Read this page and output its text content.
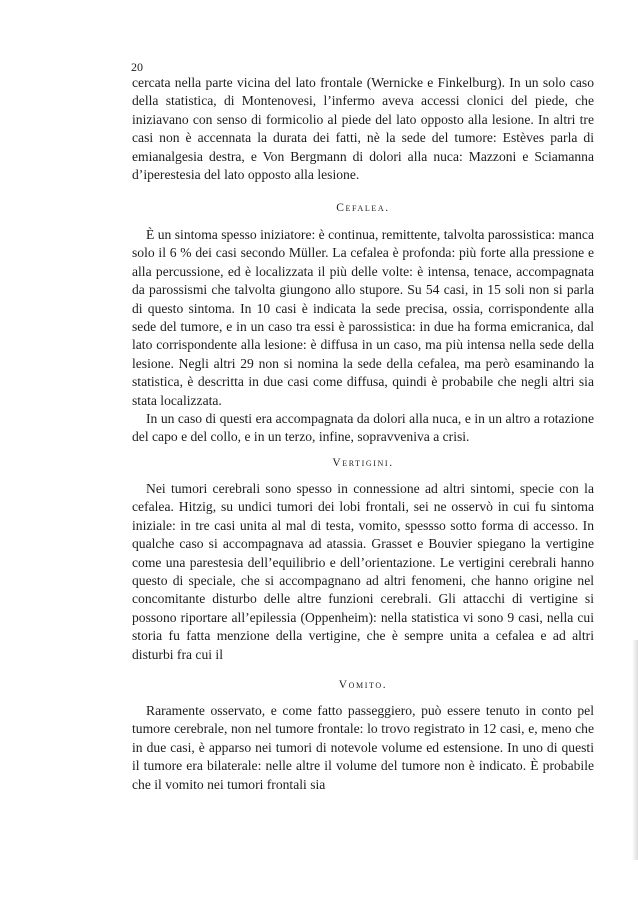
20

cercata nella parte vicina del lato frontale (Wernicke e Finkelburg). In un solo caso della statistica, di Montenovesi, l’infermo aveva accessi clonici del piede, che iniziavano con senso di formicolio al piede del lato opposto alla lesione. In altri tre casi non è accennata la durata dei fatti, nè la sede del tumore: Estèves parla di emianalgesia destra, e Von Bergmann di dolori alla nuca: Mazzoni e Sciamanna d’iperestesia del lato opposto alla lesione.

Cefalea.

È un sintoma spesso iniziatore: è continua, remittente, talvolta parossistica: manca solo il 6 % dei casi secondo Müller. La cefalea è profonda: più forte alla pressione e alla percussione, ed è localizzata il più delle volte: è intensa, tenace, accompagnata da parossismi che talvolta giungono allo stupore. Su 54 casi, in 15 soli non si parla di questo sintoma. In 10 casi è indicata la sede precisa, ossia, corrispondente alla sede del tumore, e in un caso tra essi è parossistica: in due ha forma emicranica, dal lato corrispondente alla lesione: è diffusa in un caso, ma più intensa nella sede della lesione. Negli altri 29 non si nomina la sede della cefalea, ma però esaminando la statistica, è descritta in due casi come diffusa, quindi è probabile che negli altri sia stata localizzata.

In un caso di questi era accompagnata da dolori alla nuca, e in un altro a rotazione del capo e del collo, e in un terzo, infine, sopravveniva a crisi.

Vertigini.

Nei tumori cerebrali sono spesso in connessione ad altri sintomi, specie con la cefalea. Hitzig, su undici tumori dei lobi frontali, sei ne osservò in cui fu sintoma iniziale: in tre casi unita al mal di testa, vomito, spessso sotto forma di accesso. In qualche caso si accompagnava ad atassia. Grasset e Bouvier spiegano la vertigine come una parestesia dell’equilibrio e dell’orientazione. Le vertigini cerebrali hanno questo di speciale, che si accompagnano ad altri fenomeni, che hanno origine nel concomitante disturbo delle altre funzioni cerebrali. Gli attacchi di vertigine si possono riportare all’epilessia (Oppenheim): nella statistica vi sono 9 casi, nella cui storia fu fatta menzione della vertigine, che è sempre unita a cefalea e ad altri disturbi fra cui il

Vomito.

Raramente osservato, e come fatto passeggiero, può essere tenuto in conto pel tumore cerebrale, non nel tumore frontale: lo trovo registrato in 12 casi, e, meno che in due casi, è apparso nei tumori di notevole volume ed estensione. In uno di questi il tumore era bilaterale: nelle altre il volume del tumore non è indicato. È probabile che il vomito nei tumori frontali sia
